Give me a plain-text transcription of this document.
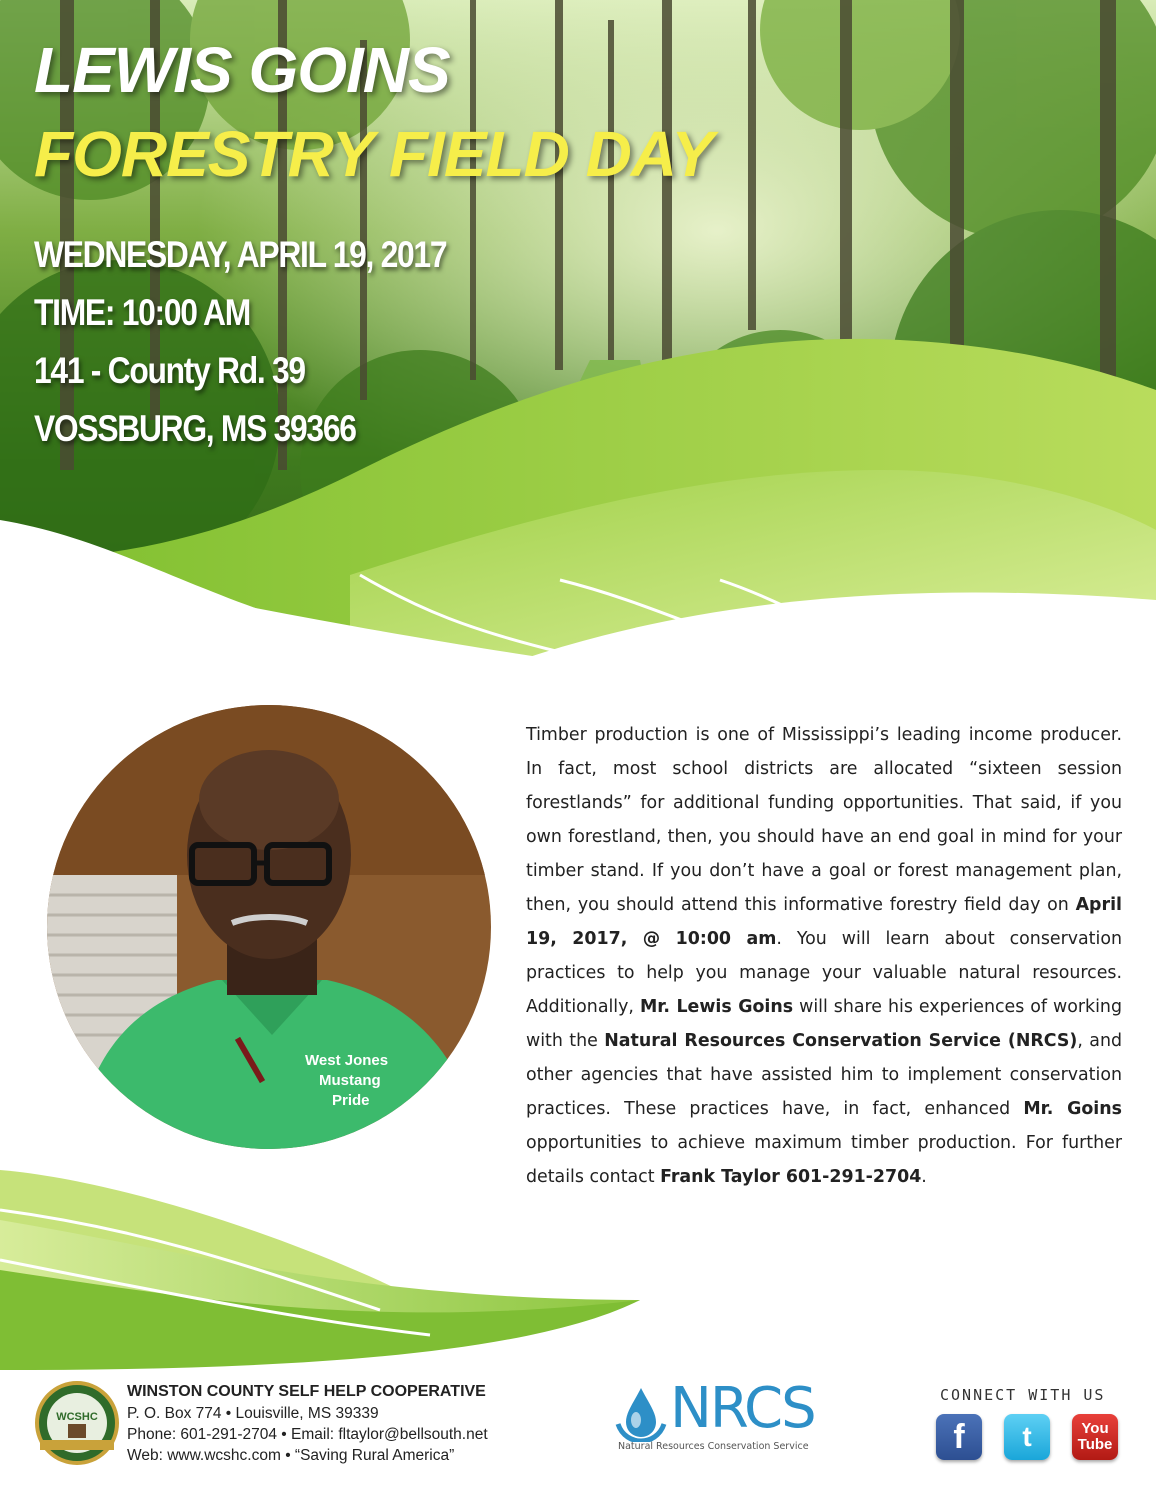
LEWIS GOINS
FORESTRY FIELD DAY
WEDNESDAY, APRIL 19, 2017
TIME: 10:00 AM
141 - County Rd. 39
VOSSBURG, MS 39366
West Jones
Mustang
Pride

Timber production is one of Mississippi’s leading income producer. In fact, most school districts are allocated “sixteen session forestlands” for additional funding opportunities. That said, if you own forestland, then, you should have an end goal in mind for your timber stand. If you don’t have a goal or forest management plan, then, you should attend this informative forestry field day on April 19, 2017, @ 10:00 am. You will learn about conservation practices to help you manage your valuable natural resources. Additionally, Mr. Lewis Goins will share his experiences of working with the Natural Resources Conservation Service (NRCS), and other agencies that have assisted him to implement conservation practices. These practices have, in fact, enhanced Mr. Goins opportunities to achieve maximum timber production. For further details contact Frank Taylor 601-291-2704.

WCSHC
WINSTON COUNTY SELF HELP COOPERATIVE
P. O. Box 774 • Louisville, MS 39339
Phone: 601-291-2704 • Email: fltaylor@bellsouth.net
Web: www.wcshc.com • “Saving Rural America”
NRCS
Natural Resources Conservation Service
CONNECT WITH US
f t	You
Tube
